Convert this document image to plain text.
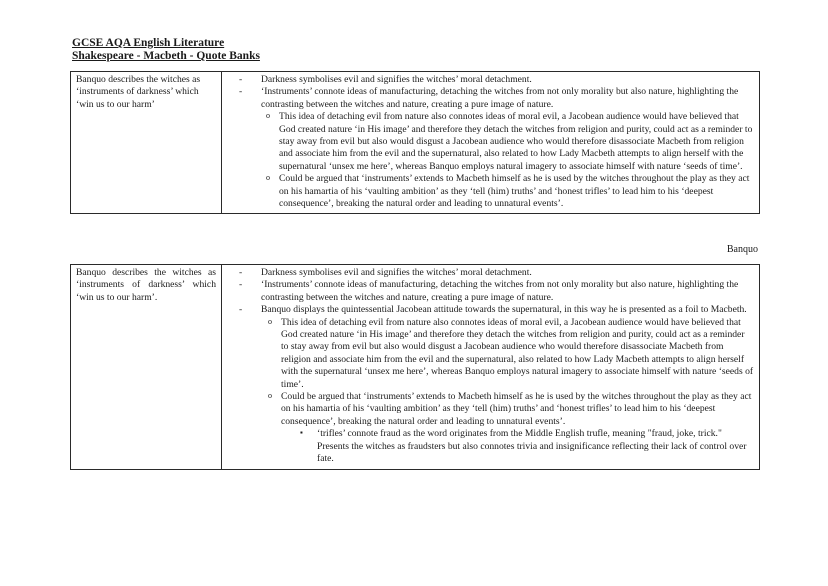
GCSE AQA English Literature
Shakespeare - Macbeth - Quote Banks
Banquo describes the witches as ‘instruments of darkness’ which ‘win us to our harm’	
- Darkness symbolises evil and signifies the witches’ moral detachment.
- ‘Instruments’ connote ideas of manufacturing, detaching the witches from not only morality but also nature, highlighting the contrasting between the witches and nature, creating a pure image of nature.
o This idea of detaching evil from nature also connotes ideas of moral evil, a Jacobean audience would have believed that God created nature ‘in His image’ and therefore they detach the witches from religion and purity, could act as a reminder to stay away from evil but also would disgust a Jacobean audience who would therefore disassociate Macbeth from religion and associate him from the evil and the supernatural, also related to how Lady Macbeth attempts to align herself with the supernatural ‘unsex me here’, whereas Banquo employs natural imagery to associate himself with nature ‘seeds of time’.
o Could be argued that ‘instruments’ extends to Macbeth himself as he is used by the witches throughout the play as they act on his hamartia of his ‘vaulting ambition’ as they ‘tell (him) truths’ and ‘honest trifles’ to lead him to his ‘deepest consequence’, breaking the natural order and leading to unnatural events’.
Banquo
Banquo describes the witches as ‘instruments of darkness’ which ‘win us to our harm’.	
- Darkness symbolises evil and signifies the witches’ moral detachment.
- ‘Instruments’ connote ideas of manufacturing, detaching the witches from not only morality but also nature, highlighting the contrasting between the witches and nature, creating a pure image of nature.
- Banquo displays the quintessential Jacobean attitude towards the supernatural, in this way he is presented as a foil to Macbeth.
o This idea of detaching evil from nature also connotes ideas of moral evil, a Jacobean audience would have believed that God created nature ‘in His image’ and therefore they detach the witches from religion and purity, could act as a reminder to stay away from evil but also would disgust a Jacobean audience who would therefore disassociate Macbeth from religion and associate him from the evil and the supernatural, also related to how Lady Macbeth attempts to align herself with the supernatural ‘unsex me here’, whereas Banquo employs natural imagery to associate himself with nature ‘seeds of time’.
o Could be argued that ‘instruments’ extends to Macbeth himself as he is used by the witches throughout the play as they act on his hamartia of his ‘vaulting ambition’ as they ‘tell (him) truths’ and ‘honest trifles’ to lead him to his ‘deepest consequence’, breaking the natural order and leading to unnatural events’.
▪ ‘trifles’ connote fraud as the word originates from the Middle English trufle, meaning "fraud, joke, trick." Presents the witches as fraudsters but also connotes trivia and insignificance reflecting their lack of control over fate.
